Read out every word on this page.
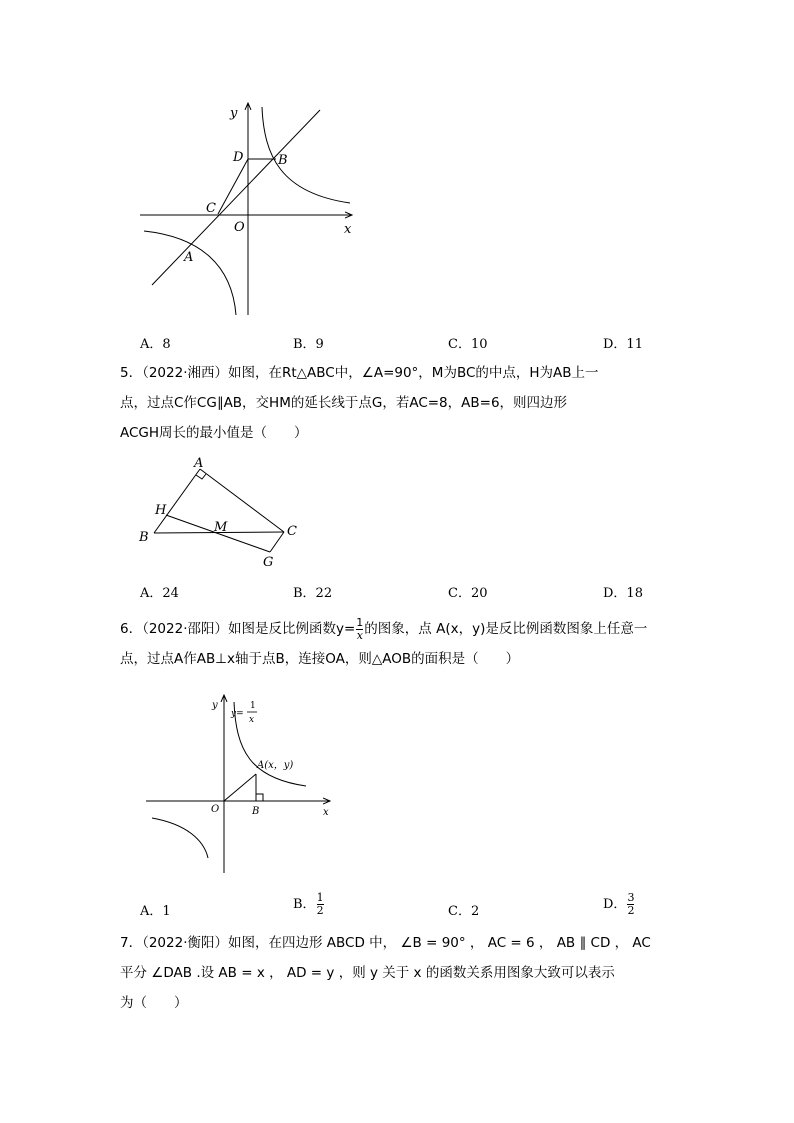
y
x
D	B
C
O
A
A．8	B．9	C．10	D．11
5．（2022·湘西）如图，在Rt△ABC中，∠A=90°，M为BC的中点，H为AB上一
点，过点C作CG∥AB，交HM的延长线于点G，若AC=8，AB=6，则四边形
ACGH周长的最小值是（　　）
A
H
M
B	C
G
A．24	B．22	C．20	D．18
6．（2022·邵阳）如图是反比例函数$y= \frac{1}{x}$ 的图象，点 A(x，y)是反比例函数图象上任意一
点，过点A作AB⊥x轴于点B，连接OA，则△AOB的面积是（　　）
y
y=
1
x
A(x，y)
O	B	x
A．1	B． $\frac{1}{2}$	C．2	D． $\frac{3}{2}$
7．（2022·衡阳）如图，在四边形 ABCD 中， ∠B = 90° ， AC = 6 ， AB ∥ CD ， AC
平分 ∠DAB .设 AB = x ， AD = y ，则 y 关于 x 的函数关系用图象大致可以表示
为（　　）
